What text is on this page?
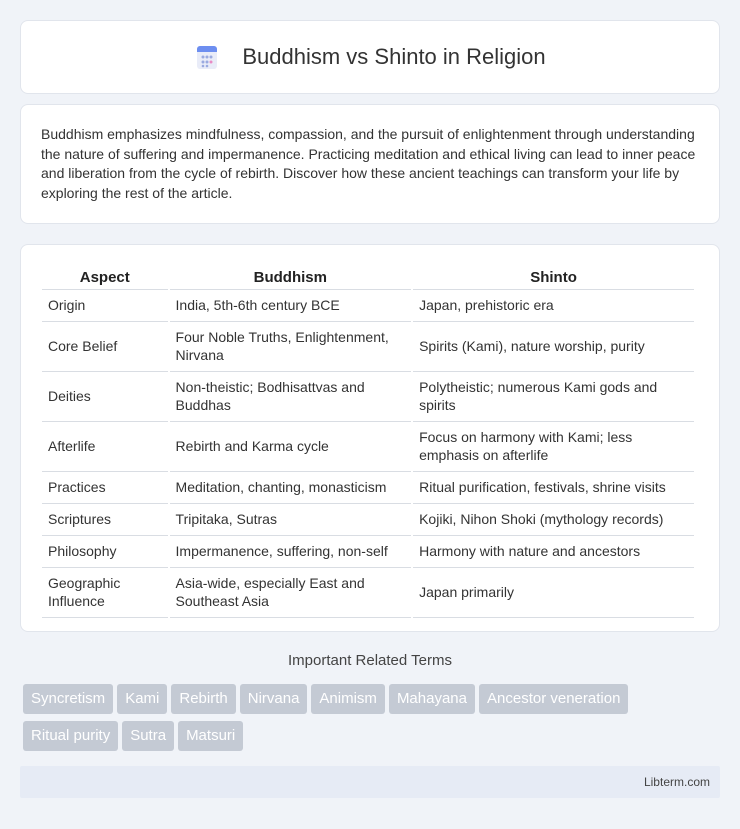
Buddhism vs Shinto in Religion

Buddhism emphasizes mindfulness, compassion, and the pursuit of enlightenment through understanding the nature of suffering and impermanence. Practicing meditation and ethical living can lead to inner peace and liberation from the cycle of rebirth. Discover how these ancient teachings can transform your life by exploring the rest of the article.

Aspect	Buddhism	Shinto
Origin	India, 5th-6th century BCE	Japan, prehistoric era
Core Belief	Four Noble Truths, Enlightenment, Nirvana	Spirits (Kami), nature worship, purity
Deities	Non-theistic; Bodhisattvas and Buddhas	Polytheistic; numerous Kami gods and spirits
Afterlife	Rebirth and Karma cycle	Focus on harmony with Kami; less emphasis on afterlife
Practices	Meditation, chanting, monasticism	Ritual purification, festivals, shrine visits
Scriptures	Tripitaka, Sutras	Kojiki, Nihon Shoki (mythology records)
Philosophy	Impermanence, suffering, non-self	Harmony with nature and ancestors
Geographic Influence	Asia-wide, especially East and Southeast Asia	Japan primarily
Important Related Terms
Syncretism Kami Rebirth Nirvana Animism Mahayana Ancestor veneration
Ritual purity Sutra Matsuri
Libterm.com
